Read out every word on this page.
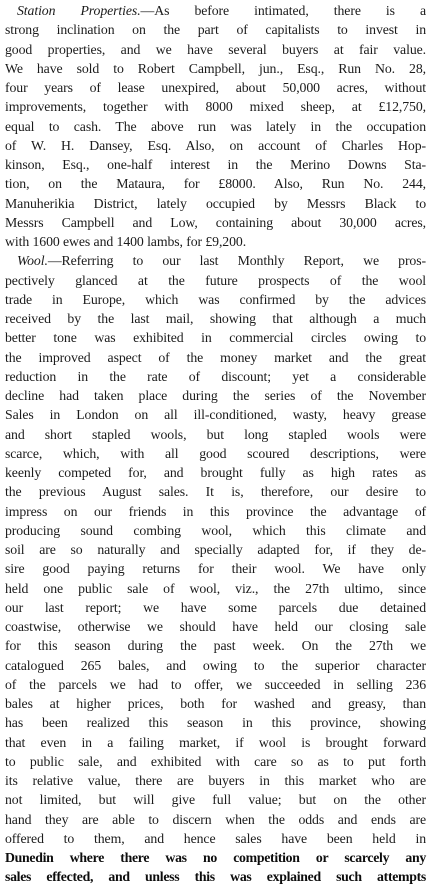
Station Properties.—As before intimated, there is a
strong inclination on the part of capitalists to invest in
good properties, and we have several buyers at fair value.
We have sold to Robert Campbell, jun., Esq., Run No. 28,
four years of lease unexpired, about 50,000 acres, without
improvements, together with 8000 mixed sheep, at £12,750,
equal to cash. The above run was lately in the occupation
of W. H. Dansey, Esq. Also, on account of Charles Hop-
kinson, Esq., one-half interest in the Merino Downs Sta-
tion, on the Mataura, for £8000. Also, Run No. 244,
Manuherikia District, lately occupied by Messrs Black to
Messrs Campbell and Low, containing about 30,000 acres,
with 1600 ewes and 1400 lambs, for £9,200.
Wool.—Referring to our last Monthly Report, we pros-
pectively glanced at the future prospects of the wool
trade in Europe, which was confirmed by the advices
received by the last mail, showing that although a much
better tone was exhibited in commercial circles owing to
the improved aspect of the money market and the great
reduction in the rate of discount; yet a considerable
decline had taken place during the series of the November
Sales in London on all ill-conditioned, wasty, heavy grease
and short stapled wools, but long stapled wools were
scarce, which, with all good scoured descriptions, were
keenly competed for, and brought fully as high rates as
the previous August sales. It is, therefore, our desire to
impress on our friends in this province the advantage of
producing sound combing wool, which this climate and
soil are so naturally and specially adapted for, if they de-
sire good paying returns for their wool. We have only
held one public sale of wool, viz., the 27th ultimo, since
our last report; we have some parcels due detained
coastwise, otherwise we should have held our closing sale
for this season during the past week. On the 27th we
catalogued 265 bales, and owing to the superior character
of the parcels we had to offer, we succeeded in selling 236
bales at higher prices, both for washed and greasy, than
has been realized this season in this province, showing
that even in a failing market, if wool is brought forward
to public sale, and exhibited with care so as to put forth
its relative value, there are buyers in this market who are
not limited, but will give full value; but on the other
hand they are able to discern when the odds and ends are
offered to them, and hence sales have been held in
Dunedin where there was no competition or scarcely any
sales effected, and unless this was explained such attempts
